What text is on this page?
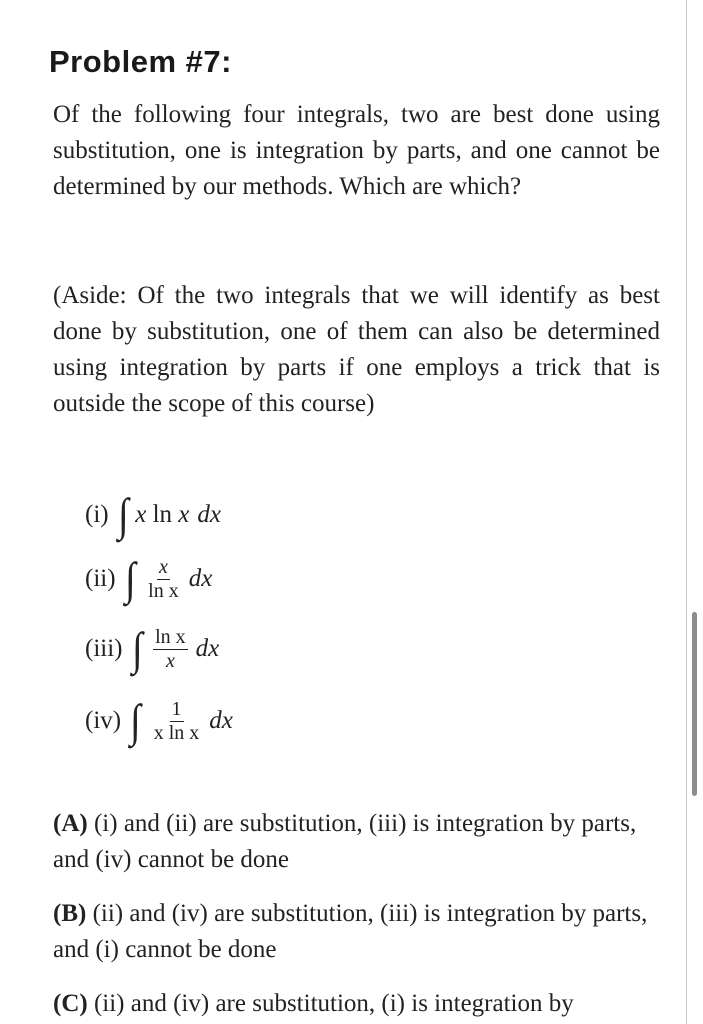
Problem #7:

Of the following four integrals, two are best done using substitution, one is integration by parts, and one cannot be determined by our methods. Which are which?

(Aside: Of the two integrals that we will identify as best done by substitution, one of them can also be determined using integration by parts if one employs a trick that is outside the scope of this course)

(i) ∫ x ln x dx
(ii) ∫ $\frac{x}{\text{ln x}}$ dx
(iii) ∫ $\frac{\text{ln x}}{x}$ dx
(iv) ∫ $\frac{1}{\text{x ln x}}$ dx

(A) (i) and (ii) are substitution, (iii) is integration by parts, and (iv) cannot be done

(B) (ii) and (iv) are substitution, (iii) is integration by parts, and (i) cannot be done

(C) (ii) and (iv) are substitution, (i) is integration by
